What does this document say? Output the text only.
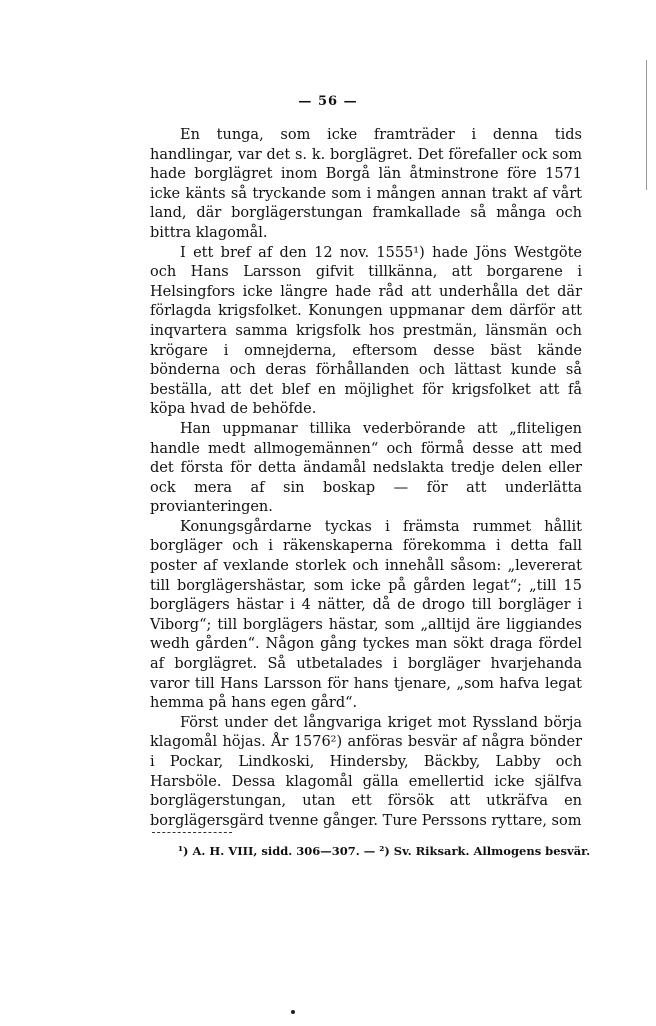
— 56 —

En tunga, som icke framträder i denna tids handlingar, var det s. k. borglägret. Det förefaller ock som hade borglägret inom Borgå län åtminstrone före 1571 icke känts så tryckande som i mången annan trakt af vårt land, där borglägerstungan framkallade så många och bittra klagomål.

I ett bref af den 12 nov. 1555¹) hade Jöns Westgöte och Hans Larsson gifvit tillkänna, att borgarene i Helsingfors icke längre hade råd att underhålla det där förlagda krigsfolket. Konungen uppmanar dem därför att inqvartera samma krigsfolk hos prestmän, länsmän och krögare i omnejderna, eftersom desse bäst kände bönderna och deras förhållanden och lättast kunde så beställa, att det blef en möjlighet för krigsfolket att få köpa hvad de behöfde.

Han uppmanar tillika vederbörande att „fliteligen handle medt allmogemännen“ och förmå desse att med det första för detta ändamål nedslakta tredje delen eller ock mera af sin boskap — för att underlätta provianteringen.

Konungsgårdarne tyckas i främsta rummet hållit borgläger och i räkenskaperna förekomma i detta fall poster af vexlande storlek och innehåll såsom: „levererat till borglägershästar, som icke på gården legat“; „till 15 borglägers hästar i 4 nätter, då de drogo till borgläger i Viborg“; till borglägers hästar, som „alltijd äre liggiandes wedh gården“. Någon gång tyckes man sökt draga fördel af borglägret. Så utbetalades i borgläger hvarjehanda varor till Hans Larsson för hans tjenare, „som hafva legat hemma på hans egen gård“.

Först under det långvariga kriget mot Ryssland börja klagomål höjas. År 1576²) anföras besvär af några bönder i Pockar, Lindkoski, Hindersby, Bäckby, Labby och Harsböle. Dessa klagomål gälla emellertid icke själfva borglägerstungan, utan ett försök att utkräfva en borglägersgärd tvenne gånger. Ture Perssons ryttare, som

¹) A. H. VIII, sidd. 306—307. — ²) Sv. Riksark. Allmogens besvär.
